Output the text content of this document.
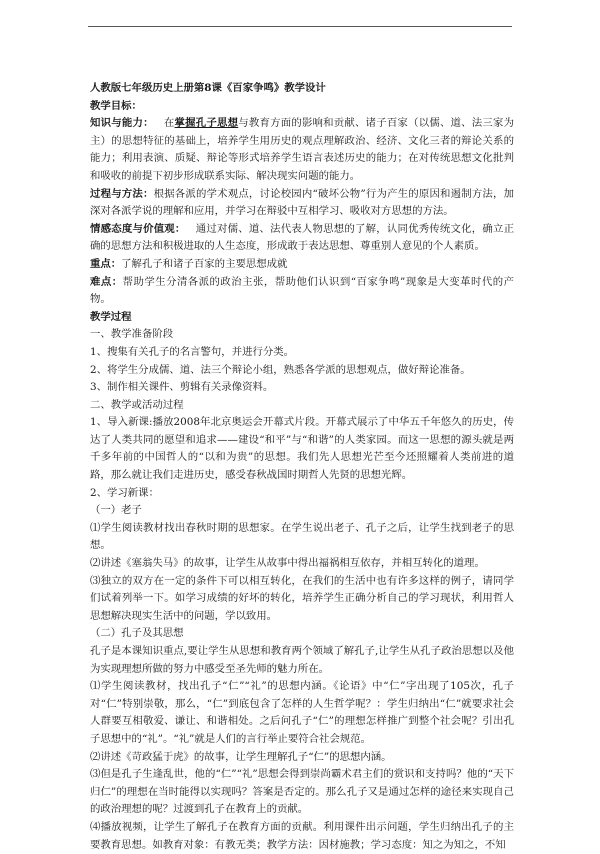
人教版七年级历史上册第8课《百家争鸣》教学设计

教学目标：

知识与能力： 在掌握孔子思想与教育方面的影响和贡献、诸子百家（以儒、道、法三家为主）的思想特征的基础上，培养学生用历史的观点理解政治、经济、文化三者的辩论关系的能力；利用表演、质疑、辩论等形式培养学生语言表述历史的能力；在对传统思想文化批判和吸收的前提下初步形成联系实际、解决现实问题的能力。

过程与方法：根据各派的学术观点，讨论校园内“破坏公物”行为产生的原因和遏制方法，加深对各派学说的理解和应用，并学习在辩驳中互相学习、吸收对方思想的方法。

情感态度与价值观： 通过对儒、道、法代表人物思想的了解，认同优秀传统文化，确立正确的思想方法和积极进取的人生态度，形成敢于表达思想、尊重别人意见的个人素质。

重点：了解孔子和诸子百家的主要思想成就

难点：帮助学生分清各派的政治主张，帮助他们认识到“百家争鸣”现象是大变革时代的产物。

教学过程

一、教学准备阶段

1、搜集有关孔子的名言警句，并进行分类。

2、将学生分成儒、道、法三个辩论小组，熟悉各学派的思想观点，做好辩论准备。

3、制作相关课件、剪辑有关录像资料。

二、教学或活动过程

1、导入新课:播放2008年北京奥运会开幕式片段。开幕式展示了中华五千年悠久的历史，传达了人类共同的愿望和追求——建设“和平”与“和谐”的人类家园。而这一思想的源头就是两千多年前的中国哲人的“以和为贵”的思想。我们先人思想光芒至今还照耀着人类前进的道路，那么就让我们走进历史，感受春秋战国时期哲人先贤的思想光辉。

2、学习新课：

（一）老子

⑴学生阅读教材找出春秋时期的思想家。在学生说出老子、孔子之后，让学生找到老子的思想。

⑵讲述《塞翁失马》的故事，让学生从故事中得出福祸相互依存，并相互转化的道理。

⑶独立的双方在一定的条件下可以相互转化，在我们的生活中也有许多这样的例子，请同学们试着列举一下。如学习成绩的好坏的转化，培养学生正确分析自己的学习现状，利用哲人思想解决现实生活中的问题，学以致用。

（二）孔子及其思想

孔子是本课知识重点,要让学生从思想和教育两个领域了解孔子,让学生从孔子政治思想以及他为实现理想所做的努力中感受至圣先师的魅力所在。

⑴学生阅读教材，找出孔子“仁”“礼”的思想内涵。《论语》中“仁”字出现了105次，孔子对“仁”特别崇敬，那么，“仁”到底包含了怎样的人生哲学呢？：学生归纳出“仁”就要求社会人群要互相敬爱、谦让、和谐相处。之后问孔子“仁”的理想怎样推广到整个社会呢？引出孔子思想中的“礼”。“礼”就是人们的言行举止要符合社会规范。

⑵讲述《苛政猛于虎》的故事，让学生理解孔子“仁”的思想内涵。

⑶但是孔子生逢乱世，他的“仁”“礼”思想会得到崇尚霸术君主们的赏识和支持吗？他的“天下归仁”的理想在当时能得以实现吗？答案是否定的。那么孔子又是通过怎样的途径来实现自己的政治理想的呢？过渡到孔子在教育上的贡献。

⑷播放视频，让学生了解孔子在教育方面的贡献。利用课件出示问题，学生归纳出孔子的主要教育思想。如教育对象：有教无类；教学方法：因材施教；学习态度：知之为知之，不知
